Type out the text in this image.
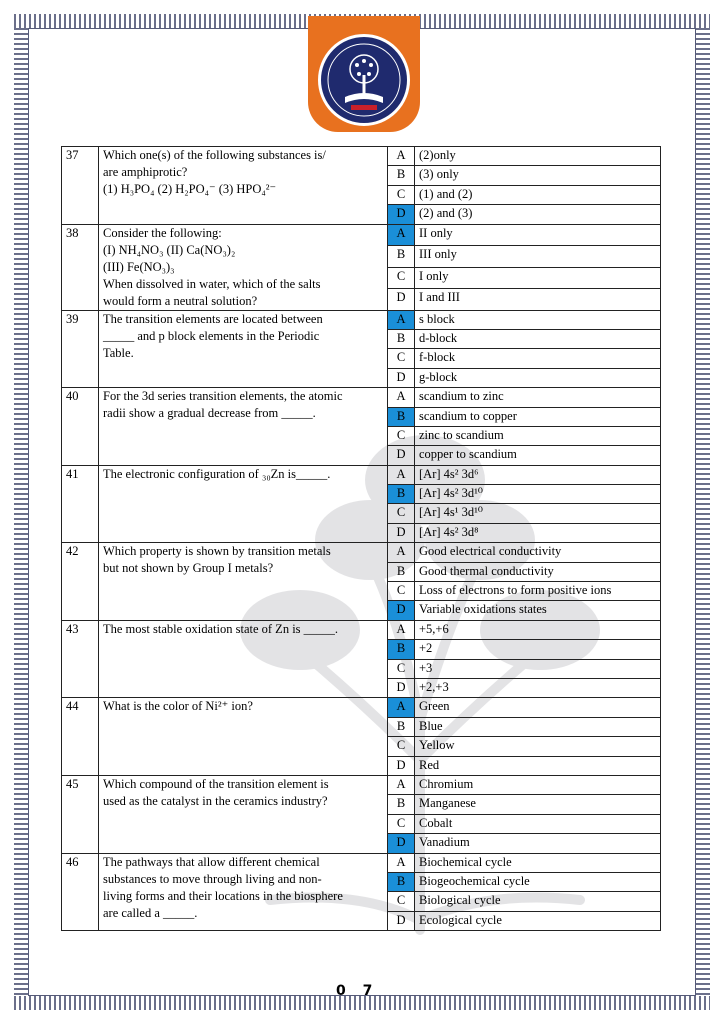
37	Which one(s) of the following substances is/
are amphiprotic?
(1) H₃PO₄ (2) H₂PO₄⁻ (3) HPO₄²⁻	A	(2)only
		B	(3) only
		C	(1) and (2)
		D	(2) and (3)
38	Consider the following:
(I) NH₄NO₃ (II) Ca(NO₃)₂
(III) Fe(NO₃)₃
When dissolved in water, which of the salts
would form a neutral solution?	A	II only
		B	III only
		C	I only
		D	I and III
39	The transition elements are located between
_____ and p block elements in the Periodic
Table.	A	s block
		B	d-block
		C	f-block
		D	g-block
40	For the 3d series transition elements, the atomic
radii show a gradual decrease from _____.	A	scandium to zinc
		B	scandium to copper
		C	zinc to scandium
		D	copper to scandium
41	The electronic configuration of ₃₀Zn is_____.	A	[Ar] 4s² 3d⁶
		B	[Ar] 4s² 3d¹⁰
		C	[Ar] 4s¹ 3d¹⁰
		D	[Ar] 4s² 3d⁸
42	Which property is shown by transition metals
but not shown by Group I metals?	A	Good electrical conductivity
		B	Good thermal conductivity
		C	Loss of electrons to form positive ions
		D	Variable oxidations states
43	The most stable oxidation state of Zn is _____.	A	+5,+6
		B	+2
		C	+3
		D	+2,+3
44	What is the color of Ni²⁺ ion?	A	Green
		B	Blue
		C	Yellow
		D	Red
45	Which compound of the transition element is
used as the catalyst in the ceramics industry?	A	Chromium
		B	Manganese
		C	Cobalt
		D	Vanadium
46	The pathways that allow different chemical
substances to move through living and non-
living forms and their locations in the biosphere
are called a _____.	A	Biochemical cycle
		B	Biogeochemical cycle
		C	Biological cycle
		D	Ecological cycle
0 7
